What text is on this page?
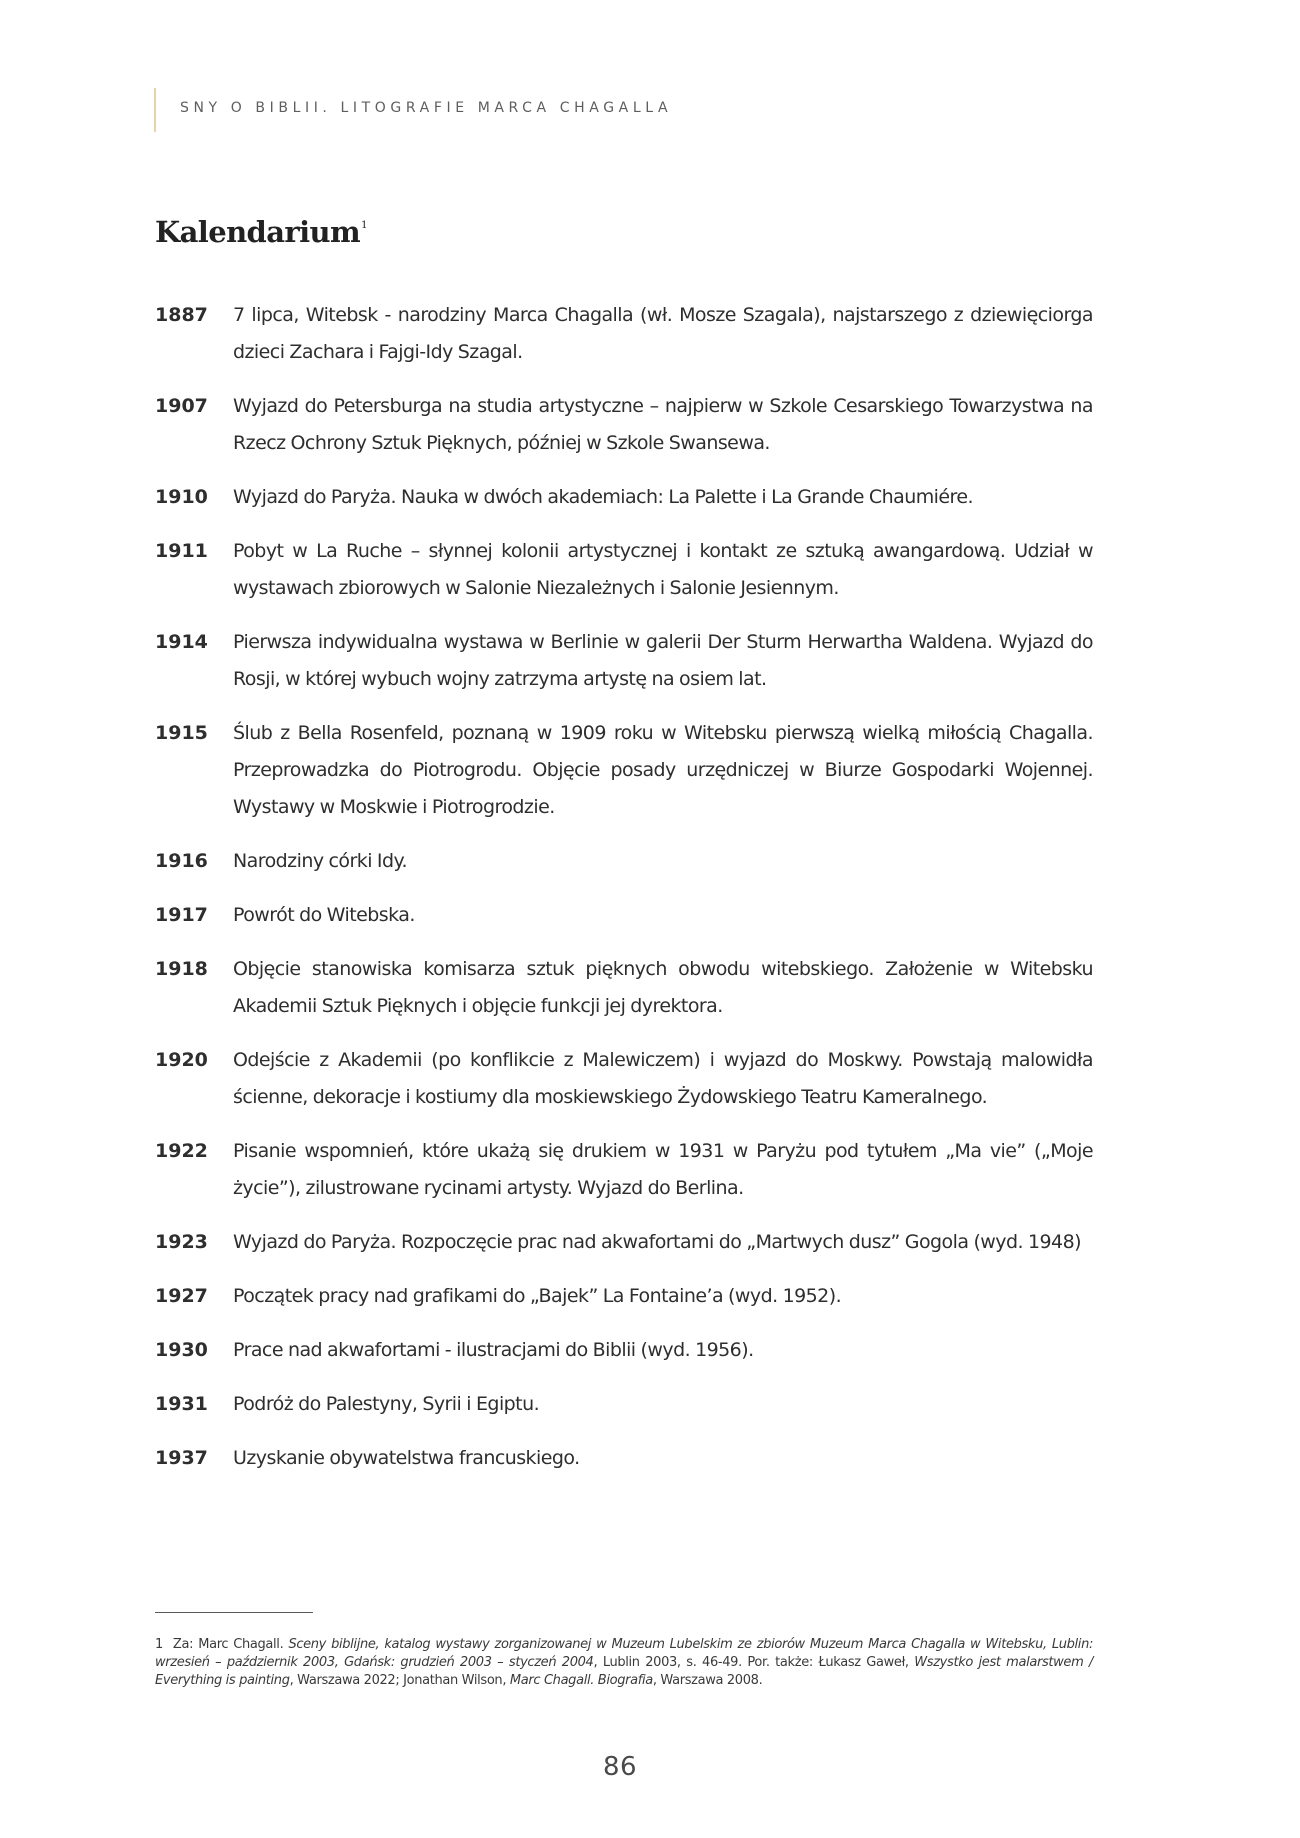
SNY O BIBLII. LITOGRAFIE MARCA CHAGALLA
Kalendarium$^1$
1887	7 lipca, Witebsk - narodziny Marca Chagalla (wł. Mosze Szagala), najstarszego z dziewięciorga dzieci Zachara i Fajgi-Idy Szagal.
1907	Wyjazd do Petersburga na studia artystyczne – najpierw w Szkole Cesarskiego Towarzystwa na Rzecz Ochrony Sztuk Pięknych, później w Szkole Swansewa.
1910	Wyjazd do Paryża. Nauka w dwóch akademiach: La Palette i La Grande Chaumiére.
1911	Pobyt w La Ruche – słynnej kolonii artystycznej i kontakt ze sztuką awangardową. Udział w wystawach zbiorowych w Salonie Niezależnych i Salonie Jesiennym.
1914	Pierwsza indywidualna wystawa w Berlinie w galerii Der Sturm Herwartha Waldena. Wyjazd do Rosji, w której wybuch wojny zatrzyma artystę na osiem lat.
1915	Ślub z Bella Rosenfeld, poznaną w 1909 roku w Witebsku pierwszą wielką miłością Chagalla. Przeprowadzka do Piotrogrodu. Objęcie posady urzędniczej w Biurze Gospodarki Wojennej. Wystawy w Moskwie i Piotrogrodzie.
1916	Narodziny córki Idy.
1917	Powrót do Witebska.
1918	Objęcie stanowiska komisarza sztuk pięknych obwodu witebskiego. Założenie w Witebsku Akademii Sztuk Pięknych i objęcie funkcji jej dyrektora.
1920	Odejście z Akademii (po konflikcie z Malewiczem) i wyjazd do Moskwy. Powstają malowidła ścienne, dekoracje i kostiumy dla moskiewskiego Żydowskiego Teatru Kameralnego.
1922	Pisanie wspomnień, które ukażą się drukiem w 1931 w Paryżu pod tytułem „Ma vie” („Moje życie”), zilustrowane rycinami artysty. Wyjazd do Berlina.
1923	Wyjazd do Paryża. Rozpoczęcie prac nad akwafortami do „Martwych dusz” Gogola (wyd. 1948)
1927	Początek pracy nad grafikami do „Bajek” La Fontaine’a (wyd. 1952).
1930	Prace nad akwafortami - ilustracjami do Biblii (wyd. 1956).
1931	Podróż do Palestyny, Syrii i Egiptu.
1937	Uzyskanie obywatelstwa francuskiego.
1 Za: Marc Chagall. Sceny biblijne, katalog wystawy zorganizowanej w Muzeum Lubelskim ze zbiorów Muzeum Marca Chagalla w Witebsku, Lublin: wrzesień – październik 2003, Gdańsk: grudzień 2003 – styczeń 2004, Lublin 2003, s. 46-49. Por. także: Łukasz Gaweł, Wszystko jest malarstwem / Everything is painting, Warszawa 2022; Jonathan Wilson, Marc Chagall. Biografia, Warszawa 2008.
86
